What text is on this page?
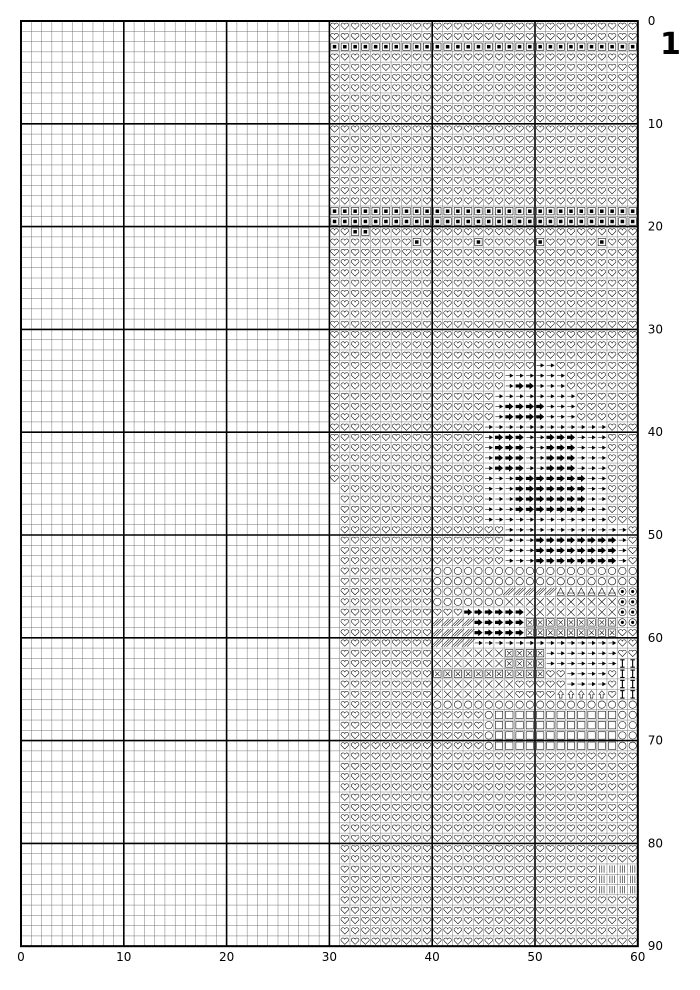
0	10	20	30	40	50	60
0
10
20
30
40
50
60
70
80
90
1
